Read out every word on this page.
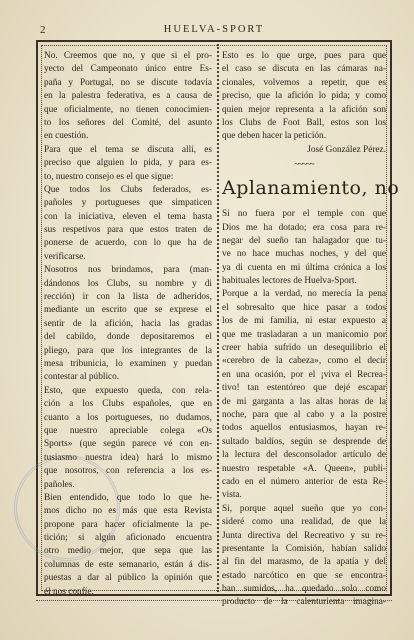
2	HUELVA-SPORT
No. Creemos que no, y que si el pro-
yecto del Campeonato único entre Es-
paña y Portugal, no se discute todavía
en la palestra federativa, es a causa de
que oficialmente, no tienen conocimien-
to los señores del Comité, del asunto
en cuestión.
Para que el tema se discuta allí, es
preciso que alguien lo pida, y para es-
to, nuestro consejo es el que sigue:
Que todos los Clubs federados, es-
pañoles y portugueses que simpaticen
con la iniciativa, eleven el tema hasta
sus respetivos para que estos traten de
ponerse de acuerdo, con lo que ha de
verificarse.
Nosotros nos brindamos, para (man-
dándonos los Clubs, su nombre y di
rección) ir con la lista de adheridos,
mediante un escrito que se exprese el
sentir de la afición, hacia las gradas
del cabildo, donde depositaremos el
pliego, para que los integrantes de la
mesa tribunicia, lo examinen y puedan
contestar al público.
Esto, que expuesto queda, con rela-
ción a los Clubs españoles, que en
cuanto a los portugueses, no dudamos,
que nuestro apreciable colega «Os
Sports» (que según parece vé con en-
tusiasmo nuestra idea) hará lo mismo
que nosotros, con referencia a los es-
pañoles.
Bien entendido, que todo lo que he-
mos dicho no es más que esta Revista
propone para hacer oficialmente la pe-
tición; si algún aficionado encuentra
otro medio mejor, que sepa que las
columnas de este semanario, están á dis-
puestas a dar al público la opinión que
él nos confíe.
Esto es lo que urge, pues para que
el caso se discuta en las cámaras na-
cionales, volvemos a repetir, que es
preciso, que la afición lo pida; y como
quien mejor representa a la afición son
los Clubs de Foot Ball, estos son los
que deben hacer la petición.
José González Pérez.
~~~~~
Aplanamiento, no
Si no fuera por el temple con que
Dios me ha dotado; era cosa para re-
negar del sueño tan halagador que tu-
ve no hace muchas noches, y del que
ya di cuenta en mi última crónica a los
habituales lectores de Huelva-Sport.
Porque a la verdad, no merecía la pena
el sobresalto que hice pasar a todos
los de mi familia, ni estar expuesto a
que me trasladaran a un manicomio por
creer habia sufrido un desequilibrio el
«cerebro de la cabeza», como el decir
en una ocasión, por el ¡viva el Recrea-
tivo! tan estentóreo que dejé escapar
de mi garganta a las altas horas de la
noche, para que al cabo y a la postre
todos aquellos entusiasmos, hayan re-
sultado baldíos, según se desprende de
la lectura del desconsolador artículo de
nuestro respetable «A. Queen», publi-
cado en el número anterior de esta Re-
vista.
Si, porque aquel sueño que yo con-
sideré como una realidad, de que la
Junta directiva del Recreativo y su re-
presentante la Comisión, habían salido
al fin del marasmo, de la apatía y del
estado narcótico en que se encontra-
ban sumidos, ha quedado solo como
producto de la calenturienta imagina-
